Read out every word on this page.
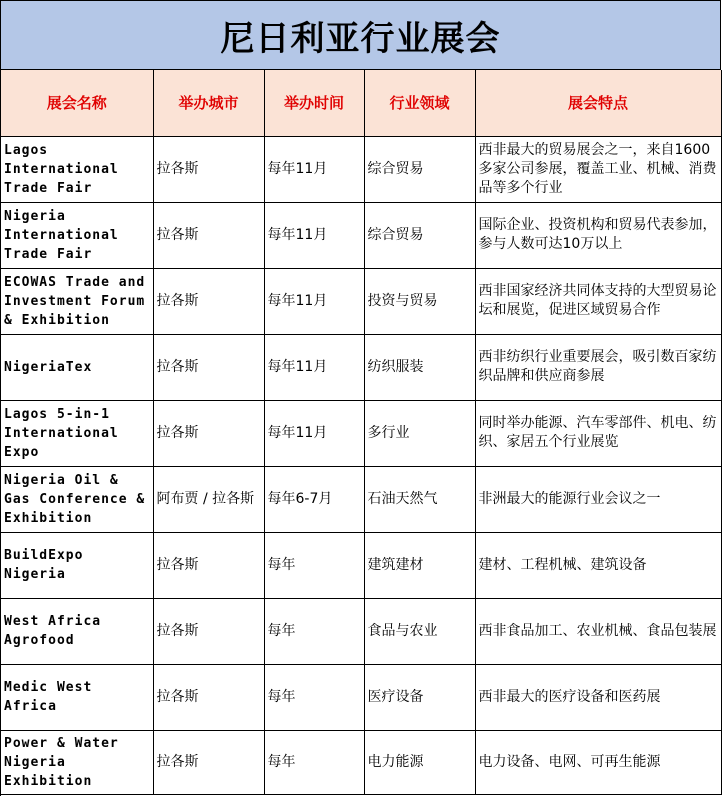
尼日利亚行业展会
展会名称	举办城市	举办时间	行业领域	展会特点
Lagos International Trade Fair	拉各斯	每年11月	综合贸易	西非最大的贸易展会之一，来自1600多家公司参展，覆盖工业、机械、消费品等多个行业
Nigeria International Trade Fair	拉各斯	每年11月	综合贸易	国际企业、投资机构和贸易代表参加，参与人数可达10万以上
ECOWAS Trade and Investment Forum & Exhibition	拉各斯	每年11月	投资与贸易	西非国家经济共同体支持的大型贸易论坛和展览，促进区域贸易合作
NigeriaTex	拉各斯	每年11月	纺织服装	西非纺织行业重要展会，吸引数百家纺织品牌和供应商参展
Lagos 5-in-1 International Expo	拉各斯	每年11月	多行业	同时举办能源、汽车零部件、机电、纺织、家居五个行业展览
Nigeria Oil & Gas Conference & Exhibition	阿布贾 / 拉各斯	每年6-7月	石油天然气	非洲最大的能源行业会议之一
BuildExpo Nigeria	拉各斯	每年	建筑建材	建材、工程机械、建筑设备
West Africa Agrofood	拉各斯	每年	食品与农业	西非食品加工、农业机械、食品包装展
Medic West Africa	拉各斯	每年	医疗设备	西非最大的医疗设备和医药展
Power & Water Nigeria Exhibition	拉各斯	每年	电力能源	电力设备、电网、可再生能源
